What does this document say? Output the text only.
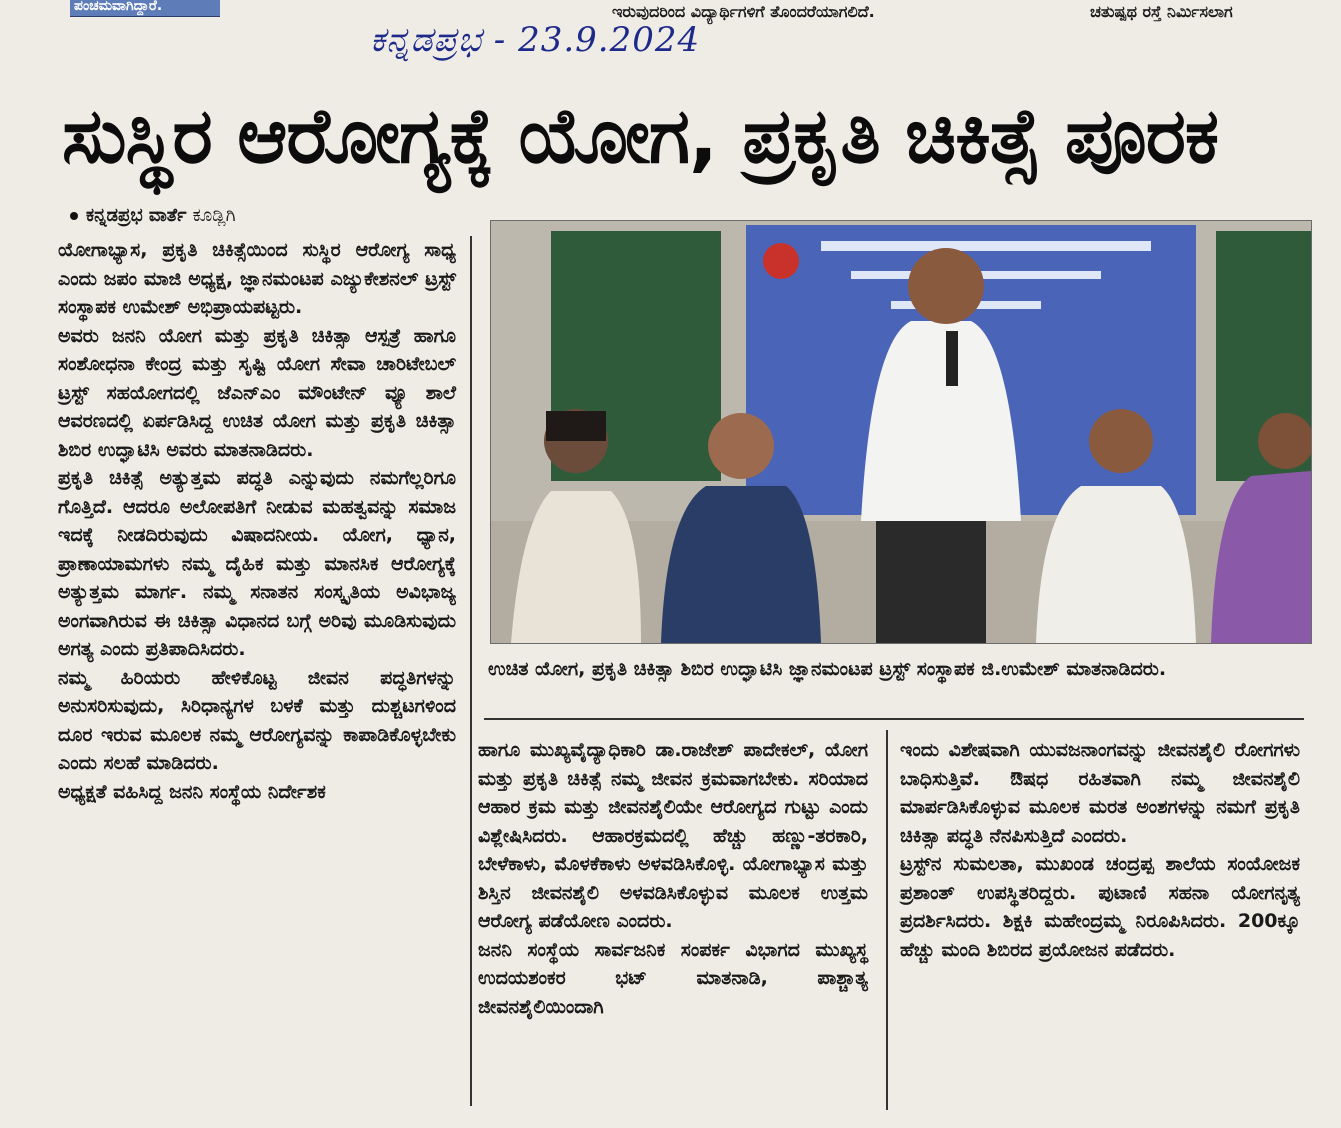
ಪಂಚಮವಾಗಿದ್ದಾರೆ.	ಇರುವುದರಿಂದ ವಿದ್ಯಾರ್ಥಿಗಳಿಗೆ ತೊಂದರೆಯಾಗಲಿದೆ.	ಚತುಷ್ಪಥ ರಸ್ತೆ ನಿರ್ಮಿಸಲಾಗ
ಕನ್ನಡಪ್ರಭ - 23.9.2024
ಸುಸ್ಥಿರ ಆರೋಗ್ಯಕ್ಕೆ ಯೋಗ, ಪ್ರಕೃತಿ ಚಿಕಿತ್ಸೆ ಪೂರಕ
ಕನ್ನಡಪ್ರಭ ವಾರ್ತೆ ಕೂಡ್ಲಿಗಿ

ಯೋಗಾಭ್ಯಾಸ, ಪ್ರಕೃತಿ ಚಿಕಿತ್ಸೆಯಿಂದ ಸುಸ್ಥಿರ ಆರೋಗ್ಯ ಸಾಧ್ಯ ಎಂದು ಜಪಂ ಮಾಜಿ ಅಧ್ಯಕ್ಷ, ಜ್ಞಾನಮಂಟಪ ಎಜ್ಯುಕೇಶನಲ್ ಟ್ರಸ್ಟ್ ಸಂಸ್ಥಾಪಕ ಉಮೇಶ್ ಅಭಿಪ್ರಾಯಪಟ್ಟರು.

ಅವರು ಜನನಿ ಯೋಗ ಮತ್ತು ಪ್ರಕೃತಿ ಚಿಕಿತ್ಸಾ ಆಸ್ಪತ್ರೆ ಹಾಗೂ ಸಂಶೋಧನಾ ಕೇಂದ್ರ ಮತ್ತು ಸೃಷ್ಟಿ ಯೋಗ ಸೇವಾ ಚಾರಿಟೇಬಲ್ ಟ್ರಸ್ಟ್ ಸಹಯೋಗದಲ್ಲಿ ಜೆಎನ್ಎಂ ಮೌಂಟೇನ್ ವ್ಯೂ ಶಾಲೆ ಆವರಣದಲ್ಲಿ ಏರ್ಪಡಿಸಿದ್ದ ಉಚಿತ ಯೋಗ ಮತ್ತು ಪ್ರಕೃತಿ ಚಿಕಿತ್ಸಾ ಶಿಬಿರ ಉದ್ಘಾಟಿಸಿ ಅವರು ಮಾತನಾಡಿದರು.

ಪ್ರಕೃತಿ ಚಿಕಿತ್ಸೆ ಅತ್ಯುತ್ತಮ ಪದ್ಧತಿ ಎನ್ನುವುದು ನಮಗೆಲ್ಲರಿಗೂ ಗೊತ್ತಿದೆ. ಆದರೂ ಅಲೋಪತಿಗೆ ನೀಡುವ ಮಹತ್ವವನ್ನು ಸಮಾಜ ಇದಕ್ಕೆ ನೀಡದಿರುವುದು ವಿಷಾದನೀಯ. ಯೋಗ, ಧ್ಯಾನ, ಪ್ರಾಣಾಯಾಮಗಳು ನಮ್ಮ ದೈಹಿಕ ಮತ್ತು ಮಾನಸಿಕ ಆರೋಗ್ಯಕ್ಕೆ ಅತ್ಯುತ್ತಮ ಮಾರ್ಗ. ನಮ್ಮ ಸನಾತನ ಸಂಸ್ಕೃತಿಯ ಅವಿಭಾಜ್ಯ ಅಂಗವಾಗಿರುವ ಈ ಚಿಕಿತ್ಸಾ ವಿಧಾನದ ಬಗ್ಗೆ ಅರಿವು ಮೂಡಿಸುವುದು ಅಗತ್ಯ ಎಂದು ಪ್ರತಿಪಾದಿಸಿದರು.

ನಮ್ಮ ಹಿರಿಯರು ಹೇಳಿಕೊಟ್ಟ ಜೀವನ ಪದ್ಧತಿಗಳನ್ನು ಅನುಸರಿಸುವುದು, ಸಿರಿಧಾನ್ಯಗಳ ಬಳಕೆ ಮತ್ತು ದುಶ್ಚಟಗಳಿಂದ ದೂರ ಇರುವ ಮೂಲಕ ನಮ್ಮ ಆರೋಗ್ಯವನ್ನು ಕಾಪಾಡಿಕೊಳ್ಳಬೇಕು ಎಂದು ಸಲಹೆ ಮಾಡಿದರು.

ಅಧ್ಯಕ್ಷತೆ ವಹಿಸಿದ್ದ ಜನನಿ ಸಂಸ್ಥೆಯ ನಿರ್ದೇಶಕ

ಉಚಿತ ಯೋಗ, ಪ್ರಕೃತಿ ಚಿಕಿತ್ಸಾ ಶಿಬಿರ ಉದ್ಘಾಟಿಸಿ ಜ್ಞಾನಮಂಟಪ ಟ್ರಸ್ಟ್ ಸಂಸ್ಥಾಪಕ ಜಿ.ಉಮೇಶ್ ಮಾತನಾಡಿದರು.

ಹಾಗೂ ಮುಖ್ಯವೈದ್ಯಾಧಿಕಾರಿ ಡಾ.ರಾಜೇಶ್ ಪಾದೇಕಲ್, ಯೋಗ ಮತ್ತು ಪ್ರಕೃತಿ ಚಿಕಿತ್ಸೆ ನಮ್ಮ ಜೀವನ ಕ್ರಮವಾಗಬೇಕು. ಸರಿಯಾದ ಆಹಾರ ಕ್ರಮ ಮತ್ತು ಜೀವನಶೈಲಿಯೇ ಆರೋಗ್ಯದ ಗುಟ್ಟು ಎಂದು ವಿಶ್ಲೇಷಿಸಿದರು. ಆಹಾರಕ್ರಮದಲ್ಲಿ ಹೆಚ್ಚು ಹಣ್ಣು-ತರಕಾರಿ, ಬೇಳೆಕಾಳು, ಮೊಳಕೆಕಾಳು ಅಳವಡಿಸಿಕೊಳ್ಳಿ. ಯೋಗಾಭ್ಯಾಸ ಮತ್ತು ಶಿಸ್ತಿನ ಜೀವನಶೈಲಿ ಅಳವಡಿಸಿಕೊಳ್ಳುವ ಮೂಲಕ ಉತ್ತಮ ಆರೋಗ್ಯ ಪಡೆಯೋಣ ಎಂದರು.

ಜನನಿ ಸಂಸ್ಥೆಯ ಸಾರ್ವಜನಿಕ ಸಂಪರ್ಕ ವಿಭಾಗದ ಮುಖ್ಯಸ್ಥ ಉದಯಶಂಕರ ಭಟ್ ಮಾತನಾಡಿ, ಪಾಶ್ಚಾತ್ಯ ಜೀವನಶೈಲಿಯಿಂದಾಗಿ

ಇಂದು ವಿಶೇಷವಾಗಿ ಯುವಜನಾಂಗವನ್ನು ಜೀವನಶೈಲಿ ರೋಗಗಳು ಬಾಧಿಸುತ್ತಿವೆ. ಔಷಧ ರಹಿತವಾಗಿ ನಮ್ಮ ಜೀವನಶೈಲಿ ಮಾರ್ಪಡಿಸಿಕೊಳ್ಳುವ ಮೂಲಕ ಮರತ ಅಂಶಗಳನ್ನು ನಮಗೆ ಪ್ರಕೃತಿ ಚಿಕಿತ್ಸಾ ಪದ್ಧತಿ ನೆನಪಿಸುತ್ತಿದೆ ಎಂದರು.

ಟ್ರಸ್ಟ್‌ನ ಸುಮಲತಾ, ಮುಖಂಡ ಚಂದ್ರಪ್ಪ ಶಾಲೆಯ ಸಂಯೋಜಕ ಪ್ರಶಾಂತ್ ಉಪಸ್ಥಿತರಿದ್ದರು. ಪುಟಾಣಿ ಸಹನಾ ಯೋಗನೃತ್ಯ ಪ್ರದರ್ಶಿಸಿದರು. ಶಿಕ್ಷಕಿ ಮಹೇಂದ್ರಮ್ಮ ನಿರೂಪಿಸಿದರು. 200ಕ್ಕೂ ಹೆಚ್ಚು ಮಂದಿ ಶಿಬಿರದ ಪ್ರಯೋಜನ ಪಡೆದರು.
